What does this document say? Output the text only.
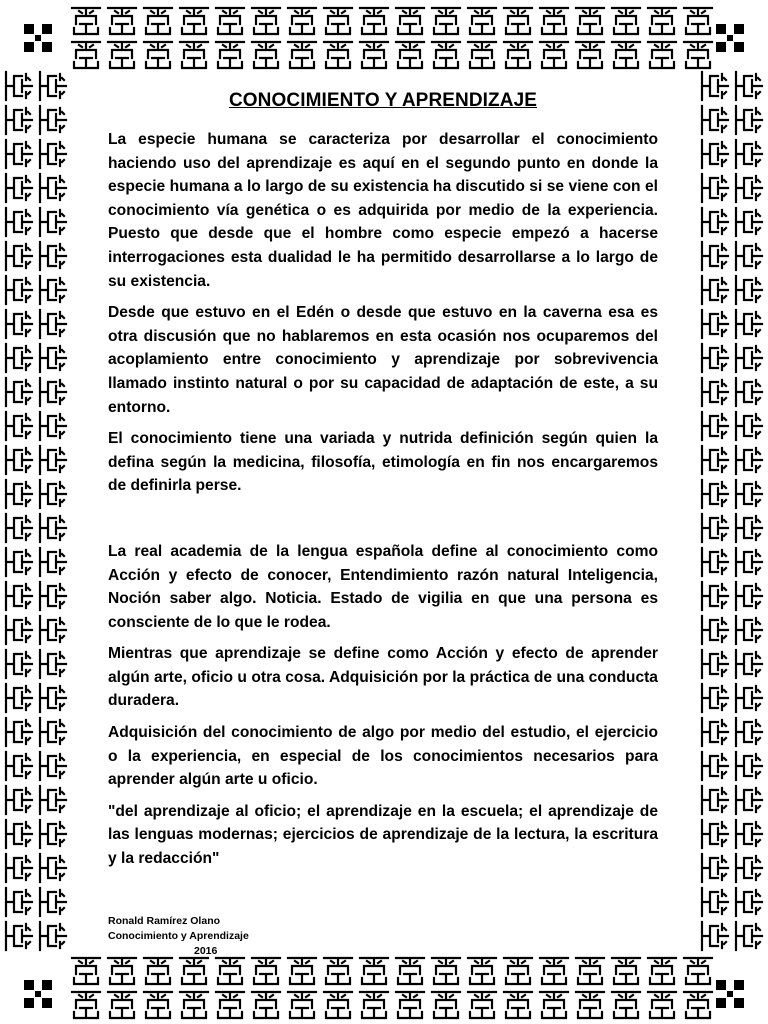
CONOCIMIENTO Y APRENDIZAJE

La especie humana se caracteriza por desarrollar el conocimiento haciendo uso del aprendizaje es aquí en el segundo punto en donde la especie humana a lo largo de su existencia ha discutido si se viene con el conocimiento vía genética o es adquirida por medio de la experiencia. Puesto que desde que el hombre como especie empezó a hacerse interrogaciones esta dualidad le ha permitido desarrollarse a lo largo de su existencia.

Desde que estuvo en el Edén o desde que estuvo en la caverna esa es otra discusión que no hablaremos en esta ocasión nos ocuparemos del acoplamiento entre conocimiento y aprendizaje por sobrevivencia llamado instinto natural o por su capacidad de adaptación de este, a su entorno.

El conocimiento tiene una variada y nutrida definición según quien la defina según la medicina, filosofía, etimología en fin nos encargaremos de definirla perse.

La real academia de la lengua española define al conocimiento como Acción y efecto de conocer, Entendimiento razón natural Inteligencia, Noción saber algo. Noticia. Estado de vigilia en que una persona es consciente de lo que le rodea.

Mientras que aprendizaje se define como Acción y efecto de aprender algún arte, oficio u otra cosa. Adquisición por la práctica de una conducta duradera.

Adquisición del conocimiento de algo por medio del estudio, el ejercicio o la experiencia, en especial de los conocimientos necesarios para aprender algún arte u oficio.

"del aprendizaje al oficio; el aprendizaje en la escuela; el aprendizaje de las lenguas modernas; ejercicios de aprendizaje de la lectura, la escritura y la redacción"

Ronald Ramírez Olano
Conocimiento y Aprendizaje
2016
